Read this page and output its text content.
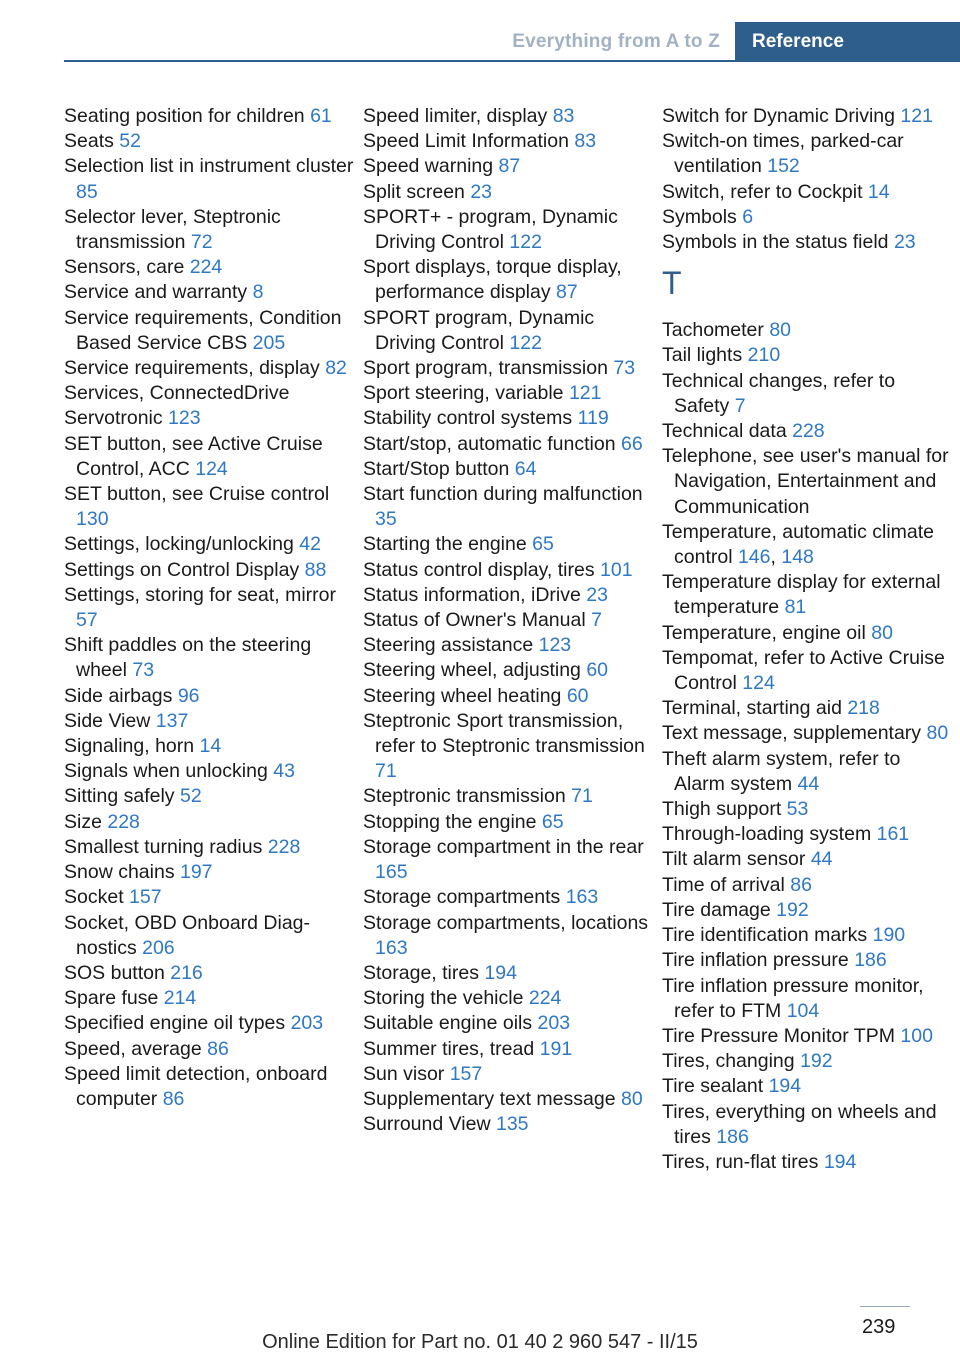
Everything from A to Z	Reference
Seating position for children 61
Seats 52
Selection list in instrument cluster 85
Selector lever, Steptronic transmission 72
Sensors, care 224
Service and warranty 8
Service requirements, Condition Based Service CBS 205
Service requirements, display 82
Services, ConnectedDrive
Servotronic 123
SET button, see Active Cruise Control, ACC 124
SET button, see Cruise control 130
Settings, locking/unlocking 42
Settings on Control Display 88
Settings, storing for seat, mirror 57
Shift paddles on the steering wheel 73
Side airbags 96
Side View 137
Signaling, horn 14
Signals when unlocking 43
Sitting safely 52
Size 228
Smallest turning radius 228
Snow chains 197
Socket 157
Socket, OBD Onboard Diagnostics 206
SOS button 216
Spare fuse 214
Specified engine oil types 203
Speed, average 86
Speed limit detection, onboard computer 86
Speed limiter, display 83
Speed Limit Information 83
Speed warning 87
Split screen 23
SPORT+ - program, Dynamic Driving Control 122
Sport displays, torque display, performance display 87
SPORT program, Dynamic Driving Control 122
Sport program, transmission 73
Sport steering, variable 121
Stability control systems 119
Start/stop, automatic function 66
Start/Stop button 64
Start function during malfunction 35
Starting the engine 65
Status control display, tires 101
Status information, iDrive 23
Status of Owner's Manual 7
Steering assistance 123
Steering wheel, adjusting 60
Steering wheel heating 60
Steptronic Sport transmission, refer to Steptronic transmission 71
Steptronic transmission 71
Stopping the engine 65
Storage compartment in the rear 165
Storage compartments 163
Storage compartments, locations 163
Storage, tires 194
Storing the vehicle 224
Suitable engine oils 203
Summer tires, tread 191
Sun visor 157
Supplementary text message 80
Surround View 135
Switch for Dynamic Driving 121
Switch-on times, parked-car ventilation 152
Switch, refer to Cockpit 14
Symbols 6
Symbols in the status field 23
T
Tachometer 80
Tail lights 210
Technical changes, refer to Safety 7
Technical data 228
Telephone, see user's manual for Navigation, Entertainment and Communication
Temperature, automatic climate control 146, 148
Temperature display for external temperature 81
Temperature, engine oil 80
Tempomat, refer to Active Cruise Control 124
Terminal, starting aid 218
Text message, supplementary 80
Theft alarm system, refer to Alarm system 44
Thigh support 53
Through-loading system 161
Tilt alarm sensor 44
Time of arrival 86
Tire damage 192
Tire identification marks 190
Tire inflation pressure 186
Tire inflation pressure monitor, refer to FTM 104
Tire Pressure Monitor TPM 100
Tires, changing 192
Tire sealant 194
Tires, everything on wheels and tires 186
Tires, run-flat tires 194
239
Online Edition for Part no. 01 40 2 960 547 - II/15
